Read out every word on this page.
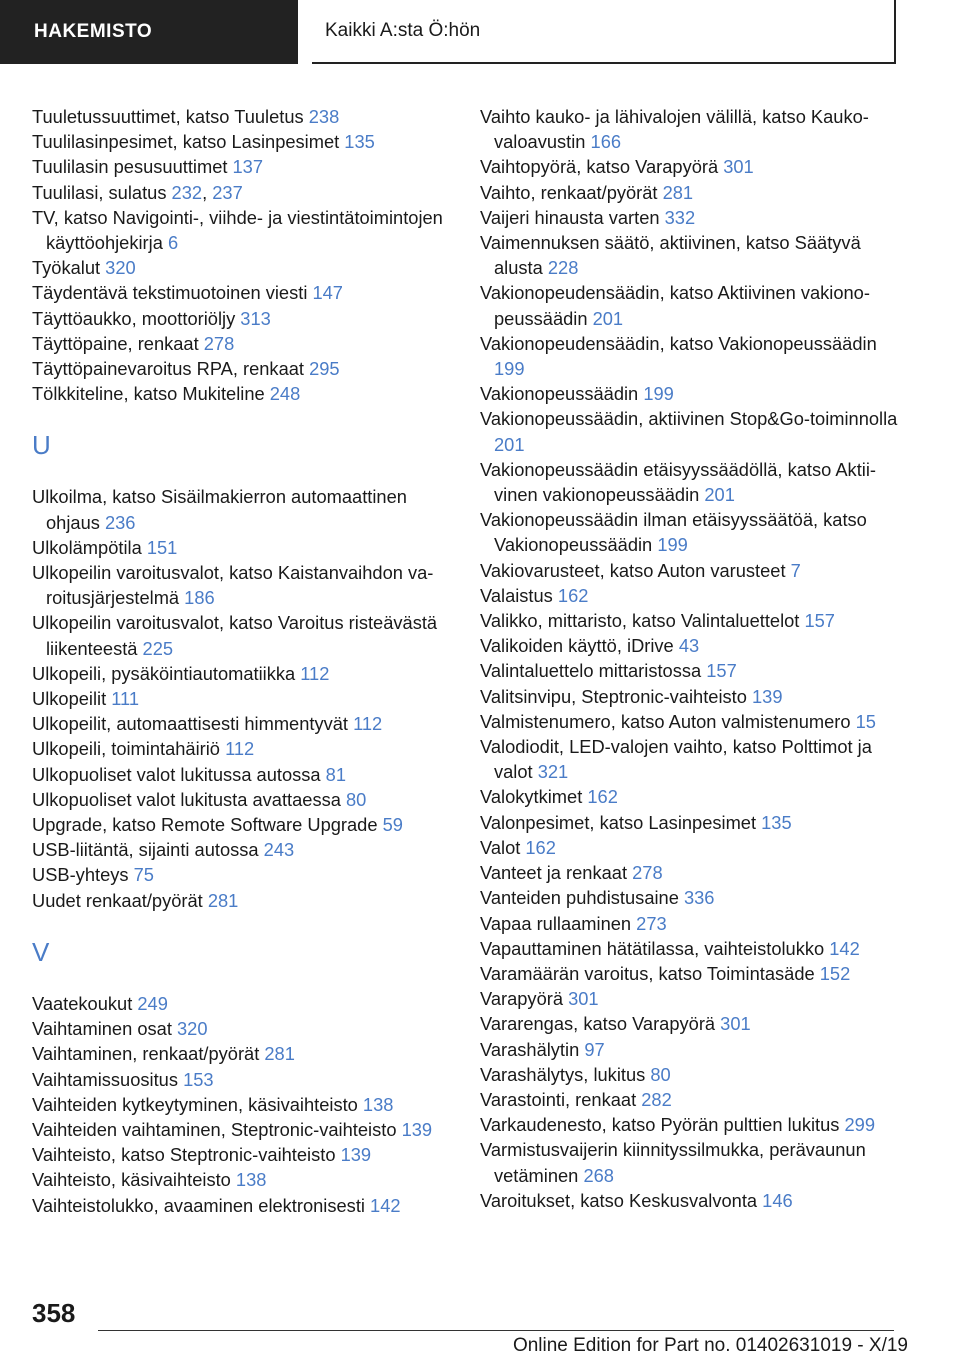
HAKEMISTO	Kaikki A:sta Ö:hön
Tuuletussuuttimet, katso Tuuletus 238
Tuulilasinpesimet, katso Lasinpesimet 135
Tuulilasin pesusuuttimet 137
Tuulilasi, sulatus 232, 237
TV, katso Navigointi-, viihde- ja viestintätoimintojen käyttöohjekirja 6
Työkalut 320
Täydentävä tekstimuotoinen viesti 147
Täyttöaukko, moottoriöljy 313
Täyttöpaine, renkaat 278
Täyttöpainevaroitus RPA, renkaat 295
Tölkkiteline, katso Mukiteline 248
U
Ulkoilma, katso Sisäilmakierron automaattinen ohjaus 236
Ulkolämpötila 151
Ulkopeilin varoitusvalot, katso Kaistanvaihdon varoitusjärjestelmä 186
Ulkopeilin varoitusvalot, katso Varoitus risteävästä liikenteestä 225
Ulkopeili, pysäköintiautomatiikka 112
Ulkopeilit 111
Ulkopeilit, automaattisesti himmentyvät 112
Ulkopeili, toimintahäiriö 112
Ulkopuoliset valot lukitussa autossa 81
Ulkopuoliset valot lukitusta avattaessa 80
Upgrade, katso Remote Software Upgrade 59
USB-liitäntä, sijainti autossa 243
USB-yhteys 75
Uudet renkaat/pyörät 281
V
Vaatekoukut 249
Vaihtaminen osat 320
Vaihtaminen, renkaat/pyörät 281
Vaihtamissuositus 153
Vaihteiden kytkeytyminen, käsivaihteisto 138
Vaihteiden vaihtaminen, Steptronic-vaihteisto 139
Vaihteisto, katso Steptronic-vaihteisto 139
Vaihteisto, käsivaihteisto 138
Vaihteistolukko, avaaminen elektronisesti 142
Vaihto kauko- ja lähivalojen välillä, katso Kaukovaloavustin 166
Vaihtopyörä, katso Varapyörä 301
Vaihto, renkaat/pyörät 281
Vaijeri hinausta varten 332
Vaimennuksen säätö, aktiivinen, katso Säätyvä alusta 228
Vakionopeudensäädin, katso Aktiivinen vakionopeussäädin 201
Vakionopeudensäädin, katso Vakionopeussäädin 199
Vakionopeussäädin 199
Vakionopeussäädin, aktiivinen Stop&Go-toiminnolla 201
Vakionopeussäädin etäisyyssäädöllä, katso Aktiivinen vakionopeussäädin 201
Vakionopeussäädin ilman etäisyyssäätöä, katso Vakionopeussäädin 199
Vakiovarusteet, katso Auton varusteet 7
Valaistus 162
Valikko, mittaristo, katso Valintaluettelot 157
Valikoiden käyttö, iDrive 43
Valintaluettelo mittaristossa 157
Valitsinvipu, Steptronic-vaihteisto 139
Valmistenumero, katso Auton valmistenumero 15
Valodiodit, LED-valojen vaihto, katso Polttimot ja valot 321
Valokytkimet 162
Valonpesimet, katso Lasinpesimet 135
Valot 162
Vanteet ja renkaat 278
Vanteiden puhdistusaine 336
Vapaa rullaaminen 273
Vapauttaminen hätätilassa, vaihteistolukko 142
Varamäärän varoitus, katso Toimintasäde 152
Varapyörä 301
Vararengas, katso Varapyörä 301
Varashälytin 97
Varashälytys, lukitus 80
Varastointi, renkaat 282
Varkaudenesto, katso Pyörän pulttien lukitus 299
Varmistusvaijerin kiinnityssilmukka, perävaunun vetäminen 268
Varoitukset, katso Keskusvalvonta 146
358
Online Edition for Part no. 01402631019 - X/19
